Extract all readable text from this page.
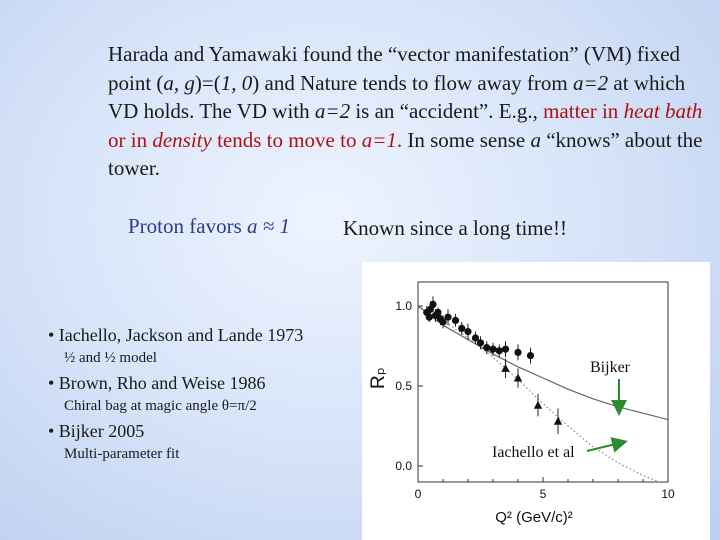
Harada and Yamawaki found the “vector manifestation” (VM) fixed point (a, g)=(1, 0) and Nature tends to flow away from a=2 at which VD holds. The VD with a=2 is an “accident”. E.g., matter in heat bath or in density tends to move to a=1. In some sense a “knows” about the tower.
Proton favors a ≈ 1	Known since a long time!!

• Iachello, Jackson and Lande 1973

½ and ½ model

• Brown, Rho and Weise 1986

Chiral bag at magic angle θ=π/2

• Bijker 2005

Multi-parameter fit

0	5	10
0.0
0.5
1.0
Rₚ
Q² (GeV/c)²
Bijker
Iachello et al
